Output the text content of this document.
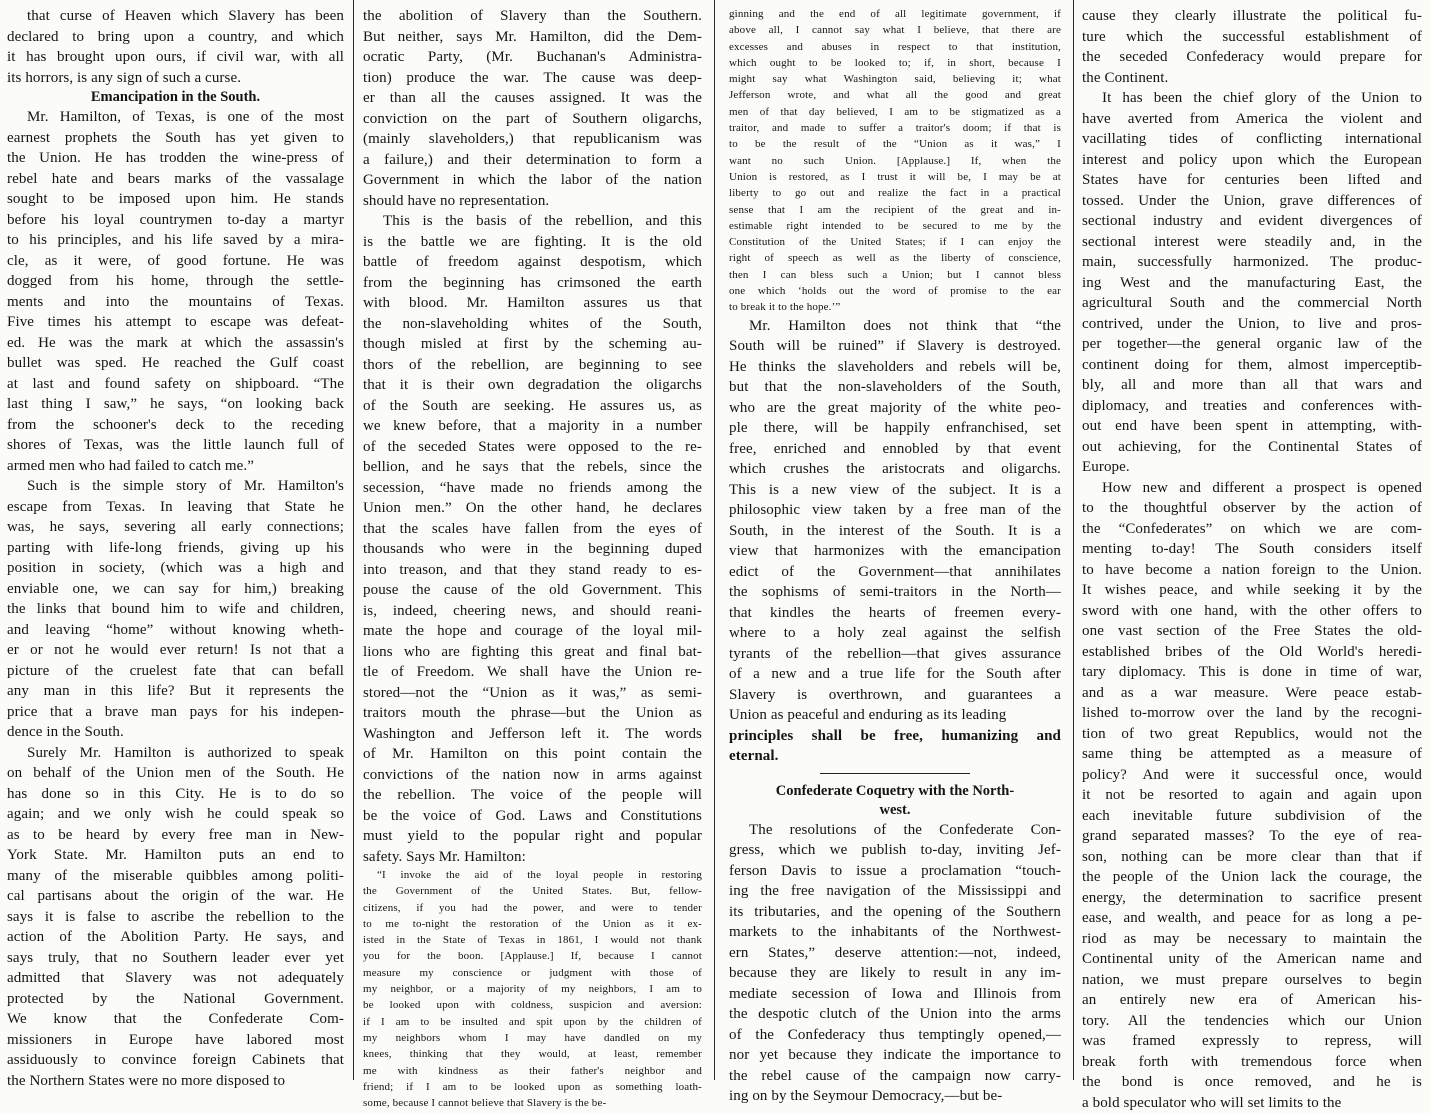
that curse of Heaven which Slavery has been
declared to bring upon a country, and which
it has brought upon ours, if civil war, with all
its horrors, is any sign of such a curse.
Emancipation in the South.
Mr. Hamilton, of Texas, is one of the most
earnest prophets the South has yet given to
the Union. He has trodden the wine-press of
rebel hate and bears marks of the vassalage
sought to be imposed upon him. He stands
before his loyal countrymen to-day a martyr
to his principles, and his life saved by a mira-
cle, as it were, of good fortune. He was
dogged from his home, through the settle-
ments and into the mountains of Texas.
Five times his attempt to escape was defeat-
ed. He was the mark at which the assassin's
bullet was sped. He reached the Gulf coast
at last and found safety on shipboard. “The
last thing I saw,” he says, “on looking back
from the schooner's deck to the receding
shores of Texas, was the little launch full of
armed men who had failed to catch me.”
Such is the simple story of Mr. Hamilton's
escape from Texas. In leaving that State he
was, he says, severing all early connections;
parting with life-long friends, giving up his
position in society, (which was a high and
enviable one, we can say for him,) breaking
the links that bound him to wife and children,
and leaving “home” without knowing wheth-
er or not he would ever return! Is not that a
picture of the cruelest fate that can befall
any man in this life? But it represents the
price that a brave man pays for his indepen-
dence in the South.
Surely Mr. Hamilton is authorized to speak
on behalf of the Union men of the South. He
has done so in this City. He is to do so
again; and we only wish he could speak so
as to be heard by every free man in New-
York State. Mr. Hamilton puts an end to
many of the miserable quibbles among politi-
cal partisans about the origin of the war. He
says it is false to ascribe the rebellion to the
action of the Abolition Party. He says, and
says truly, that no Southern leader ever yet
admitted that Slavery was not adequately
protected by the National Government.
We know that the Confederate Com-
missioners in Europe have labored most
assiduously to convince foreign Cabinets that
the Northern States were no more disposed to
the abolition of Slavery than the Southern.
But neither, says Mr. Hamilton, did the Dem-
ocratic Party, (Mr. Buchanan's Administra-
tion) produce the war. The cause was deep-
er than all the causes assigned. It was the
conviction on the part of Southern oligarchs,
(mainly slaveholders,) that republicanism was
a failure,) and their determination to form a
Government in which the labor of the nation
should have no representation.
This is the basis of the rebellion, and this
is the battle we are fighting. It is the old
battle of freedom against despotism, which
from the beginning has crimsoned the earth
with blood. Mr. Hamilton assures us that
the non-slaveholding whites of the South,
though misled at first by the scheming au-
thors of the rebellion, are beginning to see
that it is their own degradation the oligarchs
of the South are seeking. He assures us, as
we knew before, that a majority in a number
of the seceded States were opposed to the re-
bellion, and he says that the rebels, since the
secession, “have made no friends among the
Union men.” On the other hand, he declares
that the scales have fallen from the eyes of
thousands who were in the beginning duped
into treason, and that they stand ready to es-
pouse the cause of the old Government. This
is, indeed, cheering news, and should reani-
mate the hope and courage of the loyal mil-
lions who are fighting this great and final bat-
tle of Freedom. We shall have the Union re-
stored—not the “Union as it was,” as semi-
traitors mouth the phrase—but the Union as
Washington and Jefferson left it. The words
of Mr. Hamilton on this point contain the
convictions of the nation now in arms against
the rebellion. The voice of the people will
be the voice of God. Laws and Constitutions
must yield to the popular right and popular
safety. Says Mr. Hamilton:
“I invoke the aid of the loyal people in restoring
the Government of the United States. But, fellow-
citizens, if you had the power, and were to tender
to me to-night the restoration of the Union as it ex-
isted in the State of Texas in 1861, I would not thank
you for the boon. [Applause.] If, because I cannot
measure my conscience or judgment with those of
my neighbor, or a majority of my neighbors, I am to
be looked upon with coldness, suspicion and aversion:
if I am to be insulted and spit upon by the children of
my neighbors whom I may have dandled on my
knees, thinking that they would, at least, remember
me with kindness as their father's neighbor and
friend; if I am to be looked upon as something loath-
some, because I cannot believe that Slavery is the be-
ginning and the end of all legitimate government, if
above all, I cannot say what I believe, that there are
excesses and abuses in respect to that institution,
which ought to be looked to; if, in short, because I
might say what Washington said, believing it; what
Jefferson wrote, and what all the good and great
men of that day believed, I am to be stigmatized as a
traitor, and made to suffer a traitor's doom; if that is
to be the result of the “Union as it was,” I
want no such Union. [Applause.] If, when the
Union is restored, as I trust it will be, I may be at
liberty to go out and realize the fact in a practical
sense that I am the recipient of the great and in-
estimable right intended to be secured to me by the
Constitution of the United States; if I can enjoy the
right of speech as well as the liberty of conscience,
then I can bless such a Union; but I cannot bless
one which ‘holds out the word of promise to the ear
to break it to the hope.’”
Mr. Hamilton does not think that “the
South will be ruined” if Slavery is destroyed.
He thinks the slaveholders and rebels will be,
but that the non-slaveholders of the South,
who are the great majority of the white peo-
ple there, will be happily enfranchised, set
free, enriched and ennobled by that event
which crushes the aristocrats and oligarchs.
This is a new view of the subject. It is a
philosophic view taken by a free man of the
South, in the interest of the South. It is a
view that harmonizes with the emancipation
edict of the Government—that annihilates
the sophisms of semi-traitors in the North—
that kindles the hearts of freemen every-
where to a holy zeal against the selfish
tyrants of the rebellion—that gives assurance
of a new and a true life for the South after
Slavery is overthrown, and guarantees a
Union as peaceful and enduring as its leading
principles shall be free, humanizing and
eternal.
Confederate Coquetry with the North-
west.
The resolutions of the Confederate Con-
gress, which we publish to-day, inviting Jef-
ferson Davis to issue a proclamation “touch-
ing the free navigation of the Mississippi and
its tributaries, and the opening of the Southern
markets to the inhabitants of the Northwest-
ern States,” deserve attention:—not, indeed,
because they are likely to result in any im-
mediate secession of Iowa and Illinois from
the despotic clutch of the Union into the arms
of the Confederacy thus temptingly opened,—
nor yet because they indicate the importance to
the rebel cause of the campaign now carry-
ing on by the Seymour Democracy,—but be-
cause they clearly illustrate the political fu-
ture which the successful establishment of
the seceded Confederacy would prepare for
the Continent.
It has been the chief glory of the Union to
have averted from America the violent and
vacillating tides of conflicting international
interest and policy upon which the European
States have for centuries been lifted and
tossed. Under the Union, grave differences of
sectional industry and evident divergences of
sectional interest were steadily and, in the
main, successfully harmonized. The produc-
ing West and the manufacturing East, the
agricultural South and the commercial North
contrived, under the Union, to live and pros-
per together—the general organic law of the
continent doing for them, almost imperceptib-
bly, all and more than all that wars and
diplomacy, and treaties and conferences with-
out end have been spent in attempting, with-
out achieving, for the Continental States of
Europe.
How new and different a prospect is opened
to the thoughtful observer by the action of
the “Confederates” on which we are com-
menting to-day! The South considers itself
to have become a nation foreign to the Union.
It wishes peace, and while seeking it by the
sword with one hand, with the other offers to
one vast section of the Free States the old-
established bribes of the Old World's heredi-
tary diplomacy. This is done in time of war,
and as a war measure. Were peace estab-
lished to-morrow over the land by the recogni-
tion of two great Republics, would not the
same thing be attempted as a measure of
policy? And were it successful once, would
it not be resorted to again and again upon
each inevitable future subdivision of the
grand separated masses? To the eye of rea-
son, nothing can be more clear than that if
the people of the Union lack the courage, the
energy, the determination to sacrifice present
ease, and wealth, and peace for as long a pe-
riod as may be necessary to maintain the
Continental unity of the American name and
nation, we must prepare ourselves to begin
an entirely new era of American his-
tory. All the tendencies which our Union
was framed expressly to repress, will
break forth with tremendous force when
the bond is once removed, and he is
a bold speculator who will set limits to the
